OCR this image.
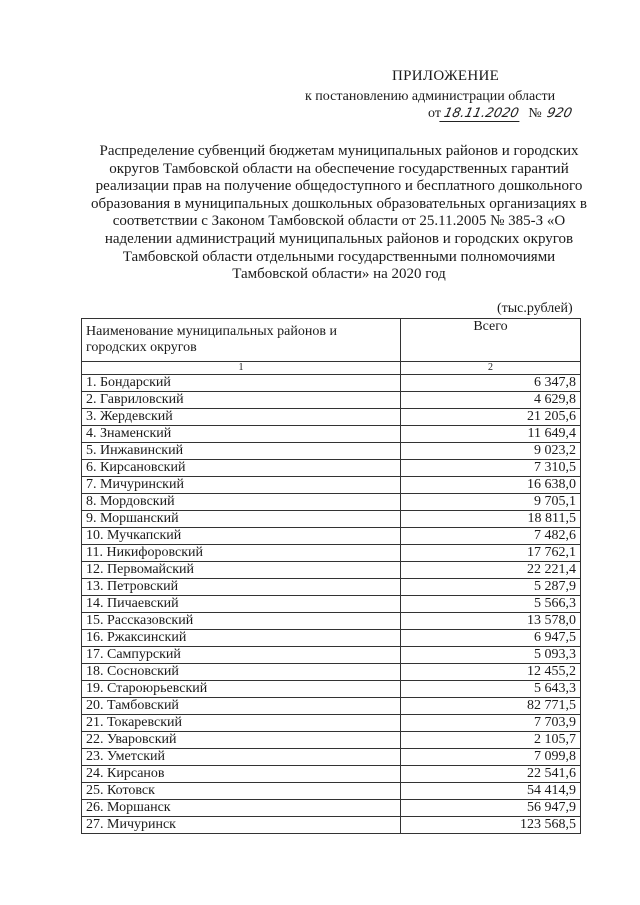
ПРИЛОЖЕНИЕ
к постановлению администрации области
от 18.11.2020 № 920
Распределение субвенций бюджетам муниципальных районов и городских округов Тамбовской области на обеспечение государственных гарантий реализации прав на получение общедоступного и бесплатного дошкольного образования в муниципальных дошкольных образовательных организациях в соответствии с Законом Тамбовской области от 25.11.2005 № 385-З «О наделении администраций муниципальных районов и городских округов Тамбовской области отдельными государственными полномочиями Тамбовской области» на 2020 год
(тыс.рублей)
Наименование муниципальных районов и городских округов	Всего
1	2
1. Бондарский	6 347,8
2. Гавриловский	4 629,8
3. Жердевский	21 205,6
4. Знаменский	11 649,4
5. Инжавинский	9 023,2
6. Кирсановский	7 310,5
7. Мичуринский	16 638,0
8. Мордовский	9 705,1
9. Моршанский	18 811,5
10. Мучкапский	7 482,6
11. Никифоровский	17 762,1
12. Первомайский	22 221,4
13. Петровский	5 287,9
14. Пичаевский	5 566,3
15. Рассказовский	13 578,0
16. Ржаксинский	6 947,5
17. Сампурский	5 093,3
18. Сосновский	12 455,2
19. Староюрьевский	5 643,3
20. Тамбовский	82 771,5
21. Токаревский	7 703,9
22. Уваровский	2 105,7
23. Уметский	7 099,8
24. Кирсанов	22 541,6
25. Котовск	54 414,9
26. Моршанск	56 947,9
27. Мичуринск	123 568,5
